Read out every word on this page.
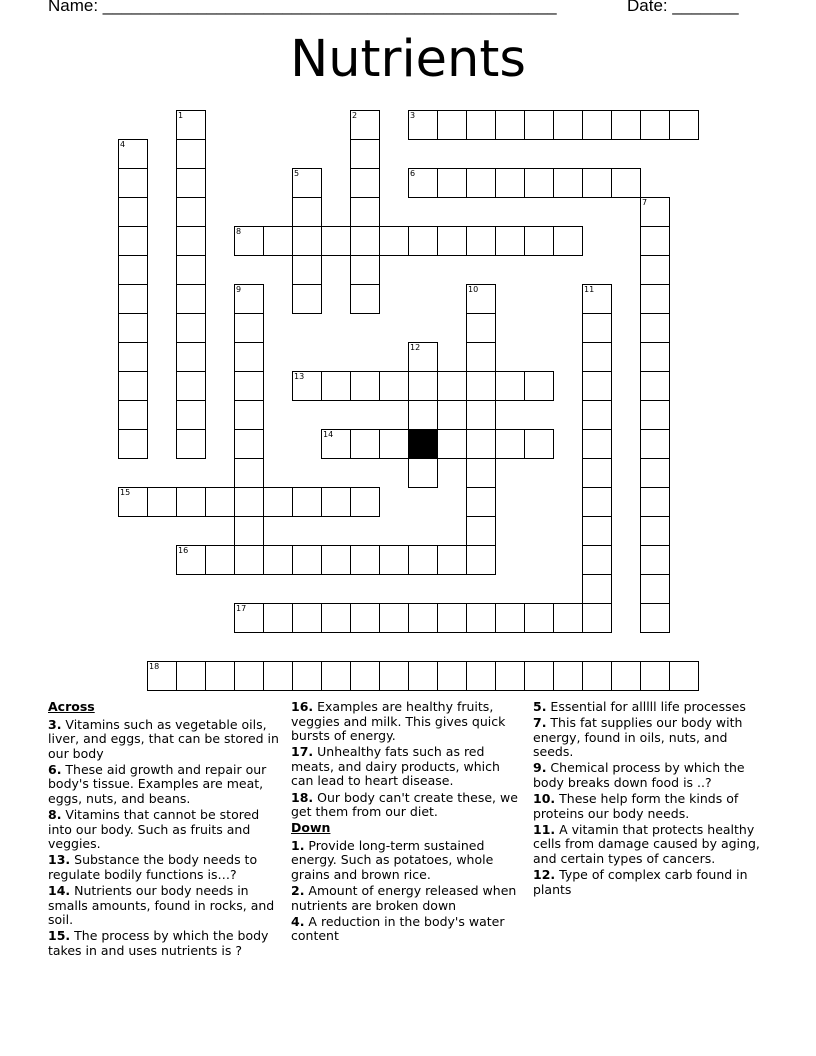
Name: ________________________________________________	Date: _______
Nutrients
1	2	3
4
5	6
7
8
9	10	11
12
13
14
15
16
17
18
Across
3. Vitamins such as vegetable oils, liver, and eggs, that can be stored in our body
6. These aid growth and repair our body's tissue. Examples are meat, eggs, nuts, and beans.
8. Vitamins that cannot be stored into our body. Such as fruits and veggies.
13. Substance the body needs to regulate bodily functions is…?
14. Nutrients our body needs in smalls amounts, found in rocks, and soil.
15. The process by which the body takes in and uses nutrients is ?
16. Examples are healthy fruits, veggies and milk. This gives quick bursts of energy.
17. Unhealthy fats such as red meats, and dairy products, which can lead to heart disease.
18. Our body can't create these, we get them from our diet.
Down
1. Provide long-term sustained energy. Such as potatoes, whole grains and brown rice.
2. Amount of energy released when nutrients are broken down
4. A reduction in the body's water content
5. Essential for alllll life processes
7. This fat supplies our body with energy, found in oils, nuts, and seeds.
9. Chemical process by which the body breaks down food is ..?
10. These help form the kinds of proteins our body needs.
11. A vitamin that protects healthy cells from damage caused by aging, and certain types of cancers.
12. Type of complex carb found in plants
